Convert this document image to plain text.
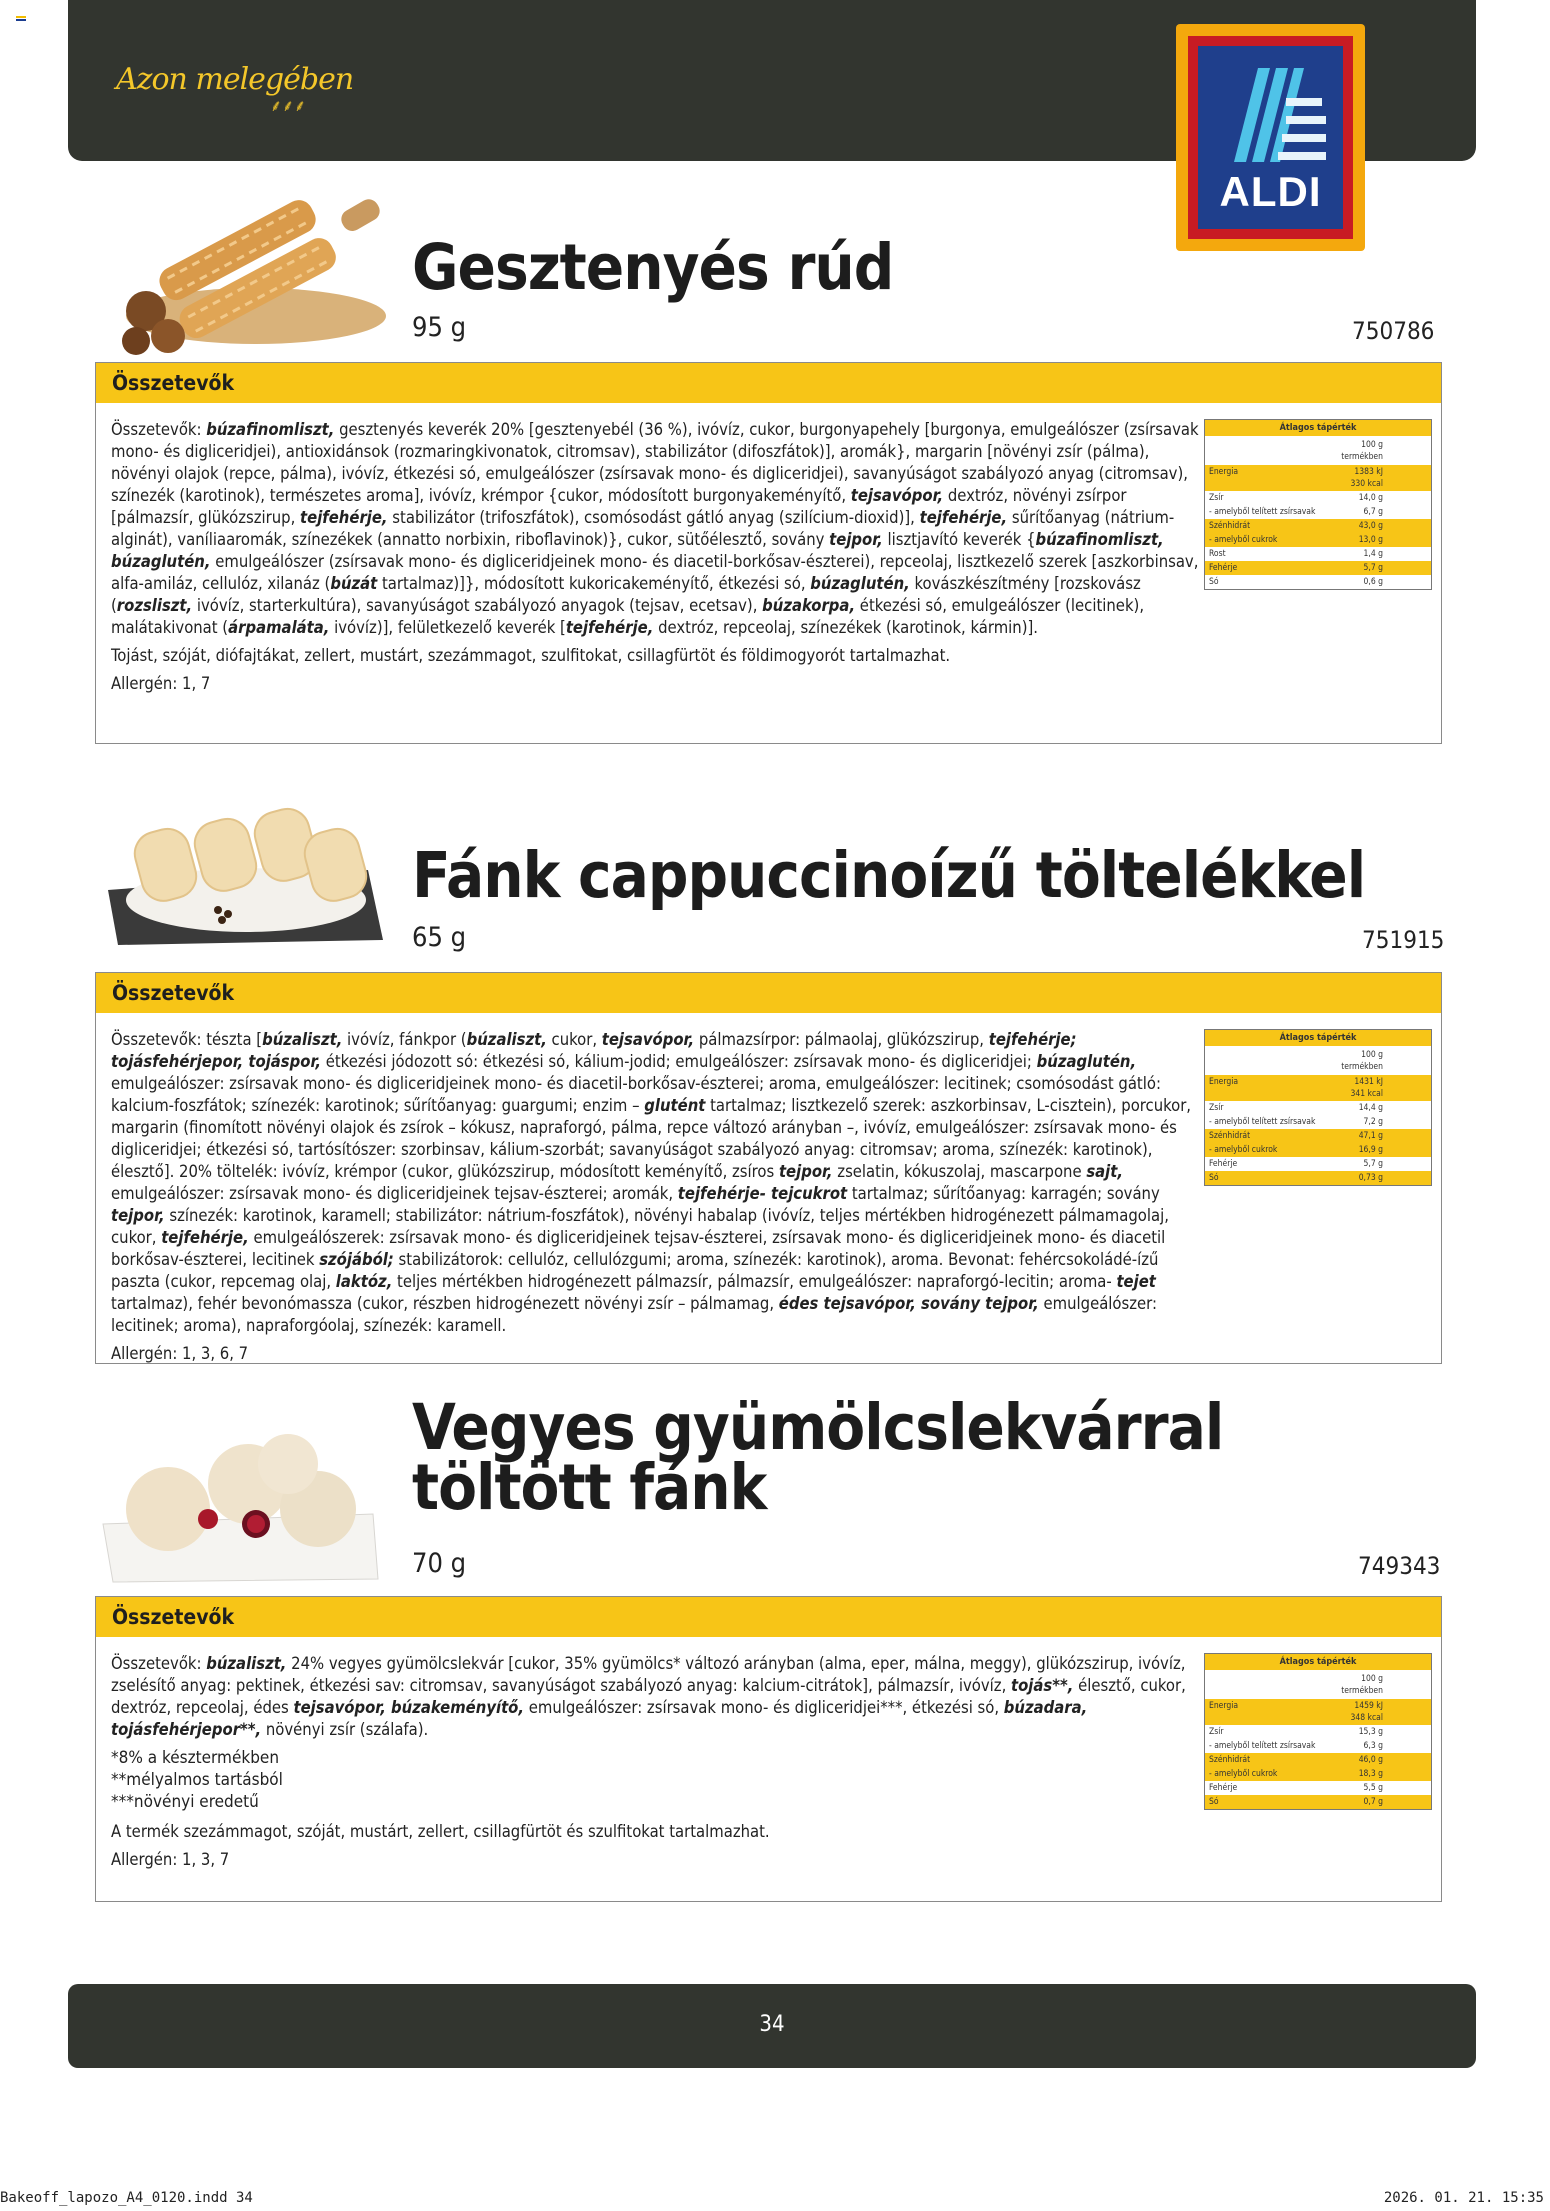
Azon melegében
⸙⸙⸙
ALDI
Gesztenyés rúd
95 g	750786
Összetevők

Összetevők: búzafinomliszt, gesztenyés keverék 20% [gesztenyebél (36 %), ivóvíz, cukor, burgonyapehely [burgonya, emulgeálószer (zsírsavak mono- és digliceridjei), antioxidánsok (rozmaringkivonatok, citromsav), stabilizátor (difoszfátok)], aromák}, margarin [növényi zsír (pálma), növényi olajok (repce, pálma), ivóvíz, étkezési só, emulgeálószer (zsírsavak mono- és digliceridjei), savanyúságot szabályozó anyag (citromsav), színezék (karotinok), természetes aroma], ivóvíz, krémpor {cukor, módosított burgonyakeményítő, tejsavópor, dextróz, növényi zsírpor [pálmazsír, glükózszirup, tejfehérje, stabilizátor (trifoszfátok), csomósodást gátló anyag (szilícium-dioxid)], tejfehérje, sűrítőanyag (nátrium-alginát), vaníliaaromák, színezékek (annatto norbixin, riboflavinok)}, cukor, sütőélesztő, sovány tejpor, lisztjavító keverék {búzafinomliszt, búzaglutén, emulgeálószer (zsírsavak mono- és digliceridjeinek mono- és diacetil-borkősav-észterei), repceolaj, lisztkezelő szerek [aszkorbinsav, alfa-amiláz, cellulóz, xilanáz (búzát tartalmaz)]}, módosított kukoricakeményítő, étkezési só, búzaglutén, kovászkészítmény [rozskovász (rozsliszt, ivóvíz, starterkultúra), savanyúságot szabályozó anyagok (tejsav, ecetsav), búzakorpa, étkezési só, emulgeálószer (lecitinek), malátakivonat (árpamaláta, ivóvíz)], felületkezelő keverék [tejfehérje, dextróz, repceolaj, színezékek (karotinok, kármin)].

Tojást, szóját, diófajtákat, zellert, mustárt, szezámmagot, szulfitokat, csillagfürtöt és földimogyorót tartalmazhat.

Allergén: 1, 7

Átlagos tápérték
100 g
termékben
Energia	1383 kJ
330 kcal
Zsír	14,0 g
- amelyből telített zsírsavak	6,7 g
Szénhidrát	43,0 g
- amelyből cukrok	13,0 g
Rost	1,4 g
Fehérje	5,7 g
Só	0,6 g
Fánk cappuccinoízű töltelékkel
65 g	751915
Összetevők

Összetevők: tészta [búzaliszt, ivóvíz, fánkpor (búzaliszt, cukor, tejsavópor, pálmazsírpor: pálmaolaj, glükózszirup, tejfehérje; tojásfehérjepor, tojáspor, étkezési jódozott só: étkezési só, kálium-jodid; emulgeálószer: zsírsavak mono- és digliceridjei; búzaglutén, emulgeálószer: zsírsavak mono- és digliceridjeinek mono- és diacetil-borkősav-észterei; aroma, emulgeálószer: lecitinek; csomósodást gátló: kalcium-foszfátok; színezék: karotinok; sűrítőanyag: guargumi; enzim – glutént tartalmaz; lisztkezelő szerek: aszkorbinsav, L-cisztein), porcukor, margarin (finomított növényi olajok és zsírok – kókusz, napraforgó, pálma, repce változó arányban –, ivóvíz, emulgeálószer: zsírsavak mono- és digliceridjei; étkezési só, tartósítószer: szorbinsav, kálium-szorbát; savanyúságot szabályozó anyag: citromsav; aroma, színezék: karotinok), élesztő]. 20% töltelék: ivóvíz, krémpor (cukor, glükózszirup, módosított keményítő, zsíros tejpor, zselatin, kókuszolaj, mascarpone sajt, emulgeálószer: zsírsavak mono- és digliceridjeinek tejsav-észterei; aromák, tejfehérje- tejcukrot tartalmaz; sűrítőanyag: karragén; sovány tejpor, színezék: karotinok, karamell; stabilizátor: nátrium-foszfátok), növényi habalap (ivóvíz, teljes mértékben hidrogénezett pálmamagolaj, cukor, tejfehérje, emulgeálószerek: zsírsavak mono- és digliceridjeinek tejsav-észterei, zsírsavak mono- és digliceridjeinek mono- és diacetil borkősav-észterei, lecitinek szójából; stabilizátorok: cellulóz, cellulózgumi; aroma, színezék: karotinok), aroma. Bevonat: fehércsokoládé-ízű paszta (cukor, repcemag olaj, laktóz, teljes mértékben hidrogénezett pálmazsír, pálmazsír, emulgeálószer: napraforgó-lecitin; aroma- tejet tartalmaz), fehér bevonómassza (cukor, részben hidrogénezett növényi zsír – pálmamag, édes tejsavópor, sovány tejpor, emulgeálószer: lecitinek; aroma), napraforgóolaj, színezék: karamell.

Allergén: 1, 3, 6, 7

Átlagos tápérték
100 g
termékben
Energia	1431 kJ
341 kcal
Zsír	14,4 g
- amelyből telített zsírsavak	7,2 g
Szénhidrát	47,1 g
- amelyből cukrok	16,9 g
Fehérje	5,7 g
Só	0,73 g
Vegyes gyümölcslekvárral
töltött fánk
70 g	749343
Összetevők

Összetevők: búzaliszt, 24% vegyes gyümölcslekvár [cukor, 35% gyümölcs* változó arányban (alma, eper, málna, meggy), glükózszirup, ivóvíz, zselésítő anyag: pektinek, étkezési sav: citromsav, savanyúságot szabályozó anyag: kalcium-citrátok], pálmazsír, ivóvíz, tojás**, élesztő, cukor, dextróz, repceolaj, édes tejsavópor, búzakeményítő, emulgeálószer: zsírsavak mono- és digliceridjei***, étkezési só, búzadara, tojásfehérjepor**, növényi zsír (szálafa).

*8% a késztermékben
**mélyalmos tartásból
***növényi eredetű

A termék szezámmagot, szóját, mustárt, zellert, csillagfürtöt és szulfitokat tartalmazhat.

Allergén: 1, 3, 7

Átlagos tápérték
100 g
termékben
Energia	1459 kJ
348 kcal
Zsír	15,3 g
- amelyből telített zsírsavak	6,3 g
Szénhidrát	46,0 g
- amelyből cukrok	18,3 g
Fehérje	5,5 g
Só	0,7 g
34
Bakeoff_lapozo_A4_0120.indd 34	2026. 01. 21. 15:35
